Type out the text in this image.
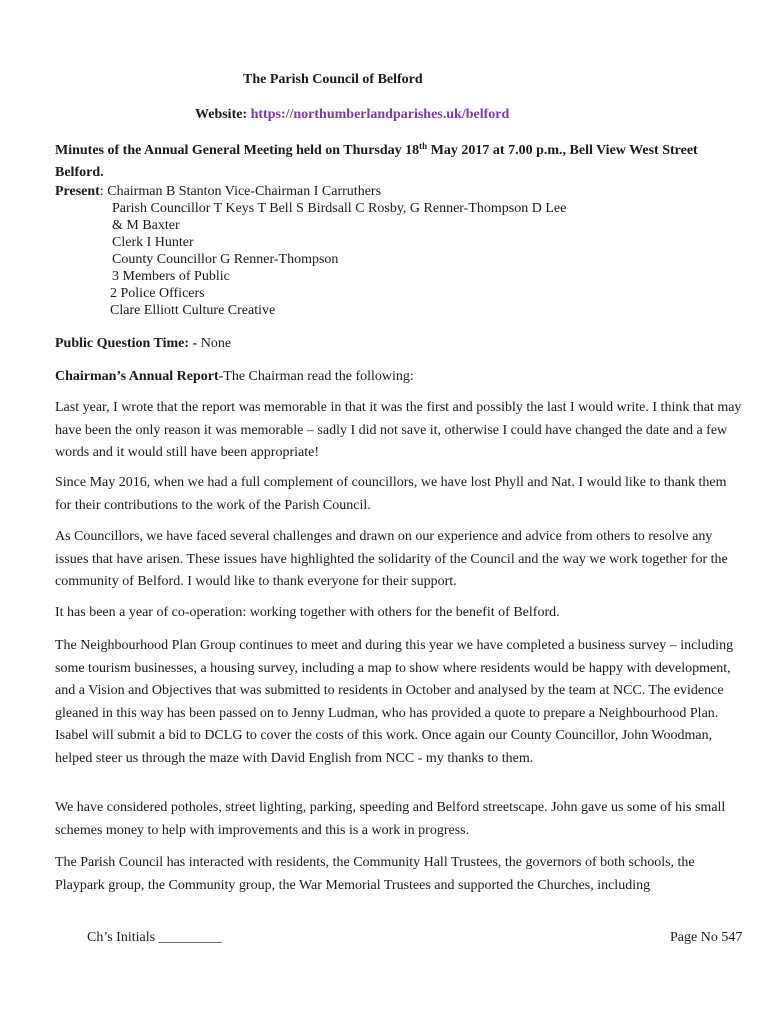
The Parish Council of Belford
Website: https://northumberlandparishes.uk/belford
Minutes of the Annual General Meeting held on Thursday 18th May 2017 at 7.00 p.m., Bell View West Street Belford.
Present: Chairman B Stanton Vice-Chairman I Carruthers
Parish Councillor T Keys T Bell S Birdsall C Rosby, G Renner-Thompson D Lee
& M Baxter
Clerk I Hunter
County Councillor G Renner-Thompson
3 Members of Public
2 Police Officers
Clare Elliott Culture Creative
Public Question Time: - None
Chairman’s Annual Report-The Chairman read the following:
Last year, I wrote that the report was memorable in that it was the first and possibly the last I would write. I think that may have been the only reason it was memorable – sadly I did not save it, otherwise I could have changed the date and a few words and it would still have been appropriate!
Since May 2016, when we had a full complement of councillors, we have lost Phyll and Nat. I would like to thank them for their contributions to the work of the Parish Council.
As Councillors, we have faced several challenges and drawn on our experience and advice from others to resolve any issues that have arisen. These issues have highlighted the solidarity of the Council and the way we work together for the community of Belford. I would like to thank everyone for their support.
It has been a year of co-operation: working together with others for the benefit of Belford.
The Neighbourhood Plan Group continues to meet and during this year we have completed a business survey – including some tourism businesses, a housing survey, including a map to show where residents would be happy with development, and a Vision and Objectives that was submitted to residents in October and analysed by the team at NCC. The evidence gleaned in this way has been passed on to Jenny Ludman, who has provided a quote to prepare a Neighbourhood Plan. Isabel will submit a bid to DCLG to cover the costs of this work. Once again our County Councillor, John Woodman, helped steer us through the maze with David English from NCC - my thanks to them.
We have considered potholes, street lighting, parking, speeding and Belford streetscape. John gave us some of his small schemes money to help with improvements and this is a work in progress.
The Parish Council has interacted with residents, the Community Hall Trustees, the governors of both schools, the Playpark group, the Community group, the War Memorial Trustees and supported the Churches, including
Ch’s Initials _________	Page No 547
